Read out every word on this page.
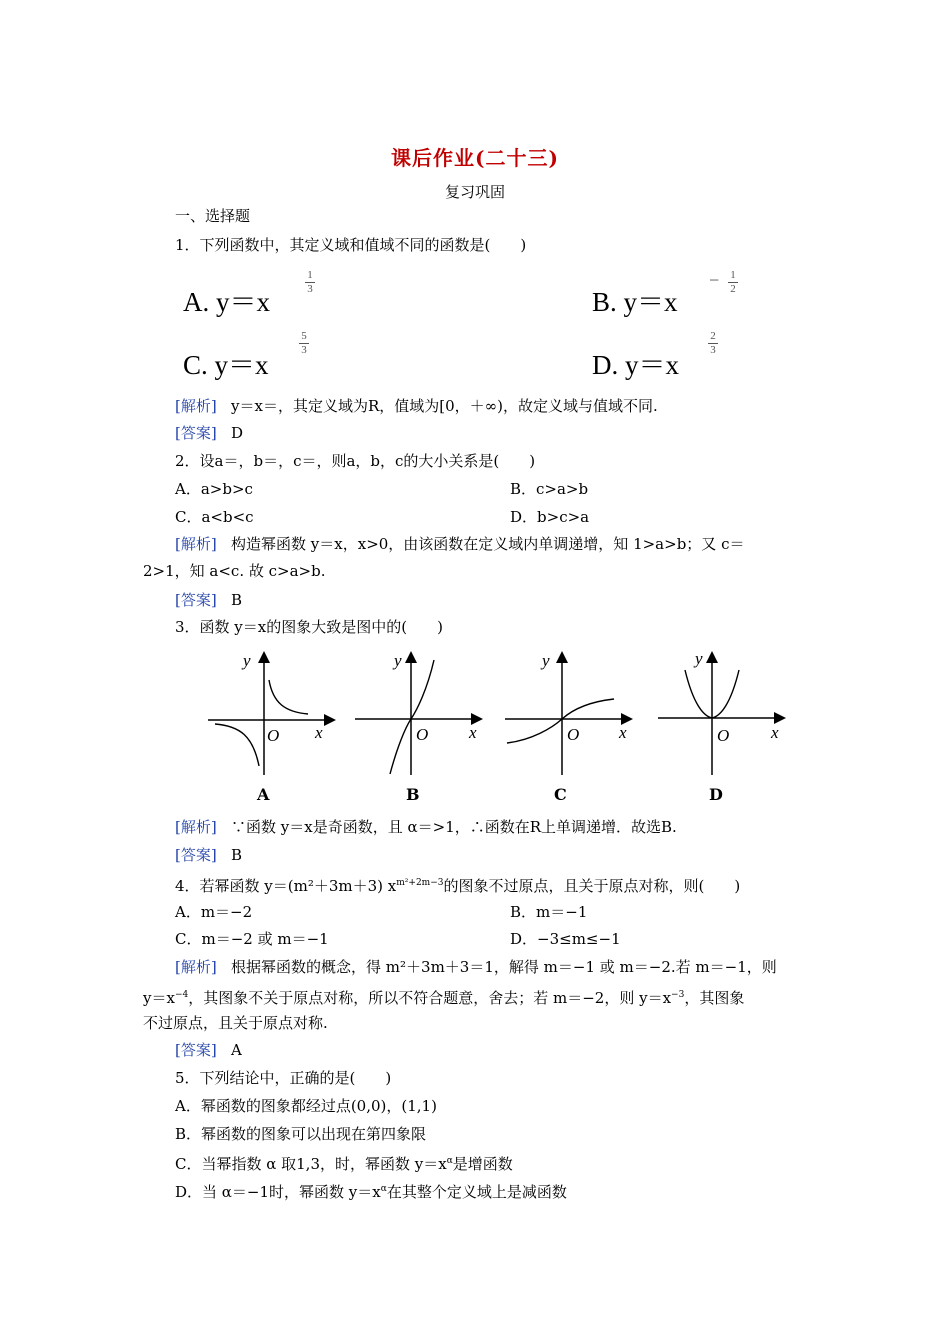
课后作业(二十三)
复习巩固
一、选择题
1．下列函数中，其定义域和值域不同的函数是(　　)
A. y＝x
1
3	B. y＝x
− 1
2
C. y＝x
5
3	D. y＝x
2
3
[解析] y＝x＝，其定义域为R，值域为[0，＋∞)，故定义域与值域不同.
[答案] D
2．设a＝，b＝，c＝，则a，b，c的大小关系是(　　)
A．a>b>c	B．c>a>b
C．a<b<c	D．b>c>a
[解析] 构造幂函数 y＝x，x>0，由该函数在定义域内单调递增，知 1>a>b；又 c＝
2>1，知 a<c. 故 c>a>b.
[答案] B
3．函数 y＝x的图象大致是图中的(　　)
y
x
O
y
x
O
y
x
O
y
x
O
A	B	C	D
[解析] ∵函数 y＝x是奇函数，且 α＝>1，∴函数在R上单调递增．故选B.
[答案] B
4．若幂函数 y＝(m²＋3m＋3) $x^{m^2+2m-3}$的图象不过原点，且关于原点对称，则(　　)
A．m＝−2	B．m＝−1
C．m＝−2 或 m＝−1	D．−3≤m≤−1
[解析] 根据幂函数的概念，得 m²＋3m＋3＝1，解得 m＝−1 或 m＝−2.若 m＝−1，则
$y=x^{-4}$，其图象不关于原点对称，所以不符合题意，舍去；若 m＝−2，则 $y=x^{-3}$，其图象
不过原点，且关于原点对称.
[答案] A
5．下列结论中，正确的是(　　)
A．幂函数的图象都经过点(0,0)，(1,1)
B．幂函数的图象可以出现在第四象限
C．当幂指数 α 取1,3，时，幂函数 $y=x^\alpha$是增函数
D．当 α＝−1时，幂函数 $y=x^\alpha$在其整个定义域上是减函数
